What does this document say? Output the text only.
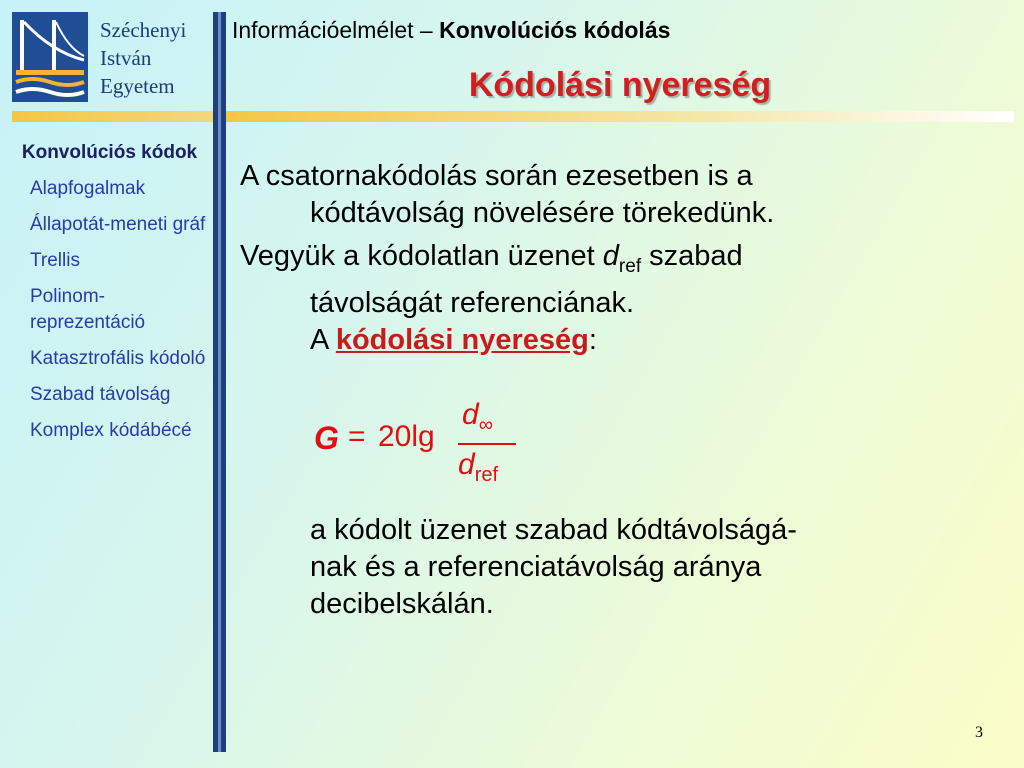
Széchenyi
István
Egyetem
Információelmélet – Konvolúciós kódolás
Kódolási nyereség
Konvolúciós kódok
Alapfogalmak
Állapotát-meneti gráf
Trellis
Polinom-reprezentáció
Katasztrofális kódoló
Szabad távolság
Komplex kódábécé
A csatornakódolás során ezesetben is a
kódtávolság növelésére törekedünk.
Vegyük a kódolatlan üzenet $d_{ref}$ szabad
távolságát referenciának.
A kódolási nyereség:
G = 20lg
$d_\infty$
$d_{ref}$
a kódolt üzenet szabad kódtávolságá-
nak és a referenciatávolság aránya
decibelskálán.
3
